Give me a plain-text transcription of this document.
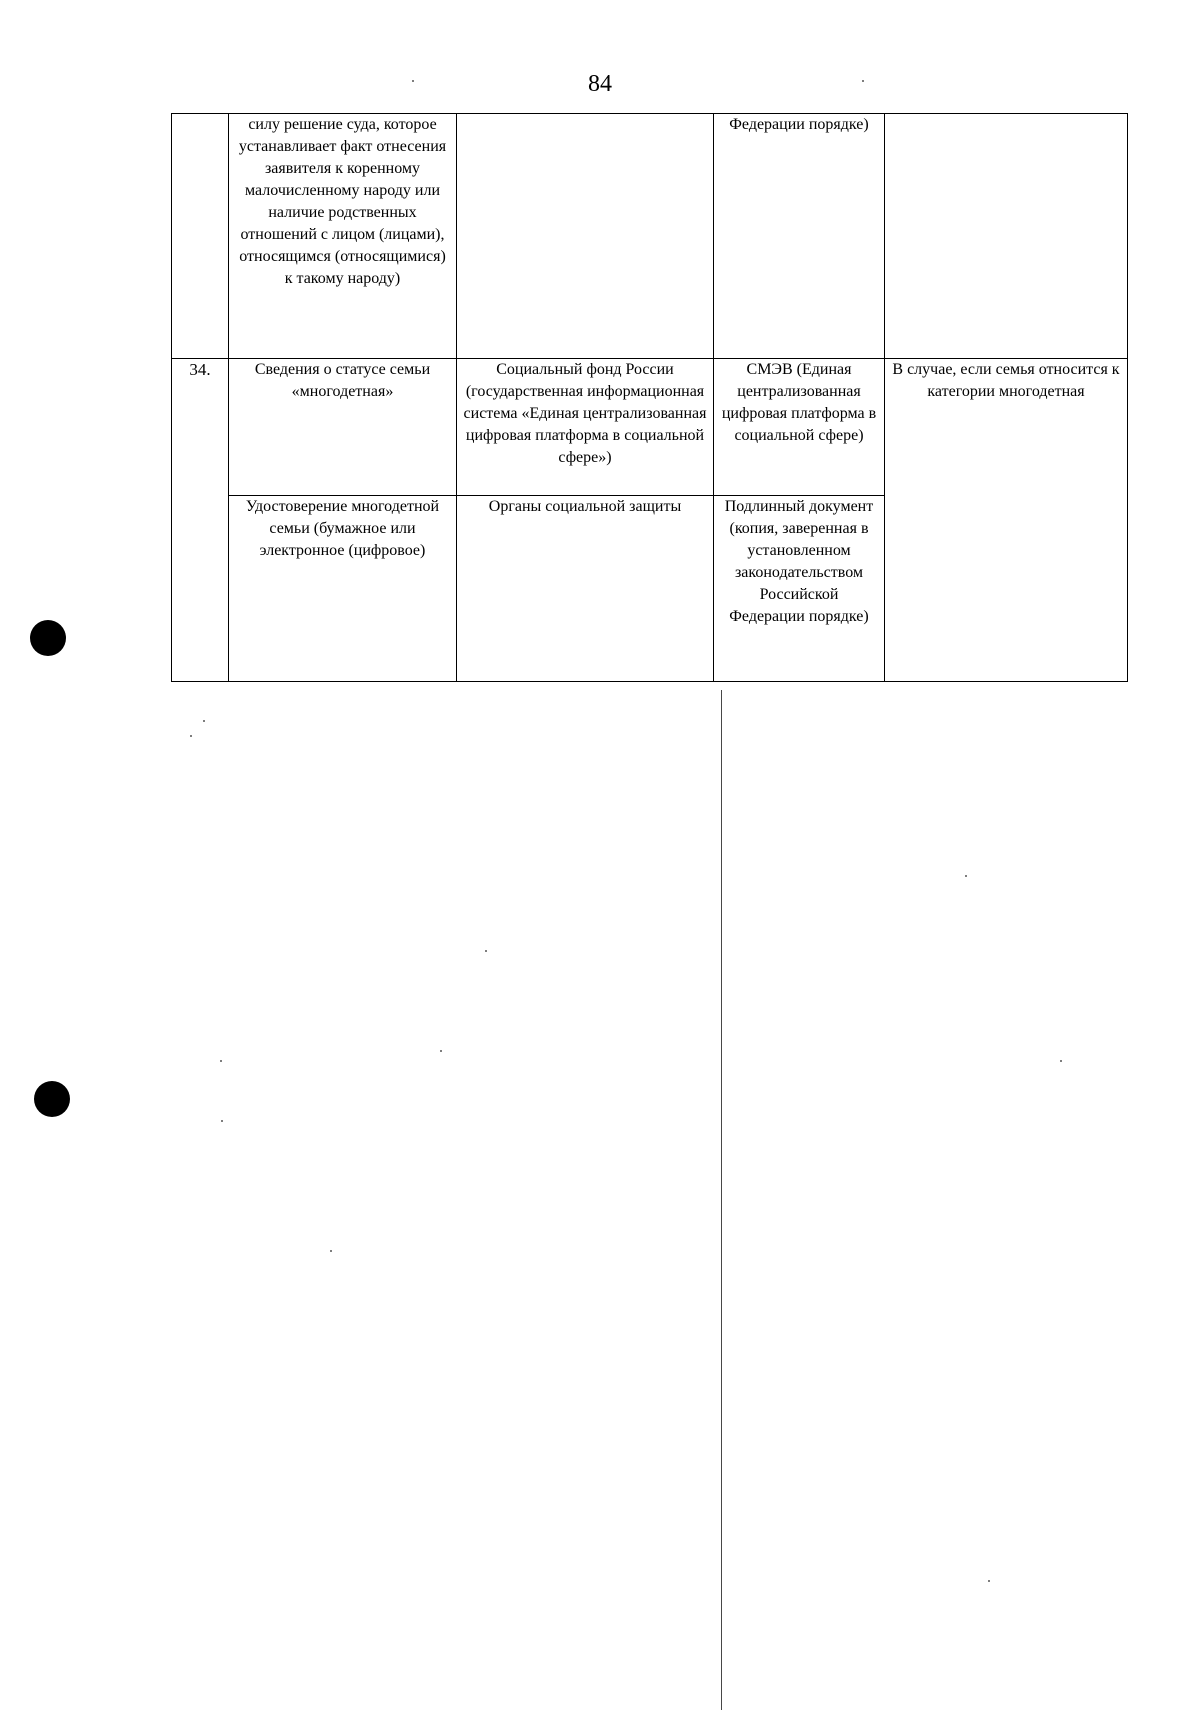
84
	силу решение суда, которое устанавливает факт отнесения заявителя к коренному малочисленному народу или наличие родственных отношений с лицом (лицами), относящимся (относящимися) к такому народу)		Федерации порядке)	
34.	Сведения о статусе семьи «многодетная»	Социальный фонд России (государственная информационная система «Единая централизованная цифровая платформа в социальной сфере»)	СМЭВ (Единая централизованная цифровая платформа в социальной сфере)	В случае, если семья относится к категории многодетная
	Удостоверение многодетной семьи (бумажное или электронное (цифровое)	Органы социальной защиты	Подлинный документ (копия, заверенная в установленном законодательством Российской Федерации порядке)	
